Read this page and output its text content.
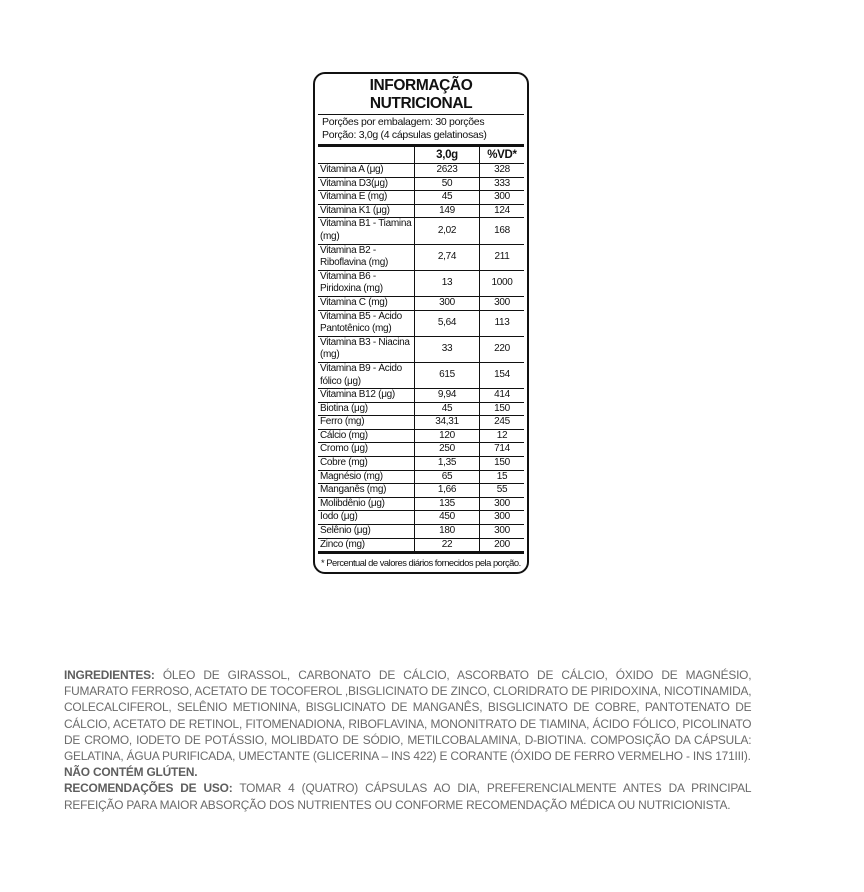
INFORMAÇÃO NUTRICIONAL
Porções por embalagem: 30 porções
Porção: 3,0g (4 cápsulas gelatinosas)
	3,0g	%VD*
Vitamina A (μg)	2623	328
Vitamina D3(μg)	50	333
Vitamina E (mg)	45	300
Vitamina K1 (μg)	149	124
Vitamina B1 - Tiamina (mg)	2,02	168
Vitamina B2 - Riboflavina (mg)	2,74	211
Vitamina B6 - Piridoxina (mg)	13	1000
Vitamina C (mg)	300	300
Vitamina B5 - Ácido Pantotênico (mg)	5,64	113
Vitamina B3 - Niacina (mg)	33	220
Vitamina B9 - Ácido fólico (μg)	615	154
Vitamina B12 (μg)	9,94	414
Biotina (μg)	45	150
Ferro (mg)	34,31	245
Cálcio (mg)	120	12
Cromo (μg)	250	714
Cobre (mg)	1,35	150
Magnésio (mg)	65	15
Manganês (mg)	1,66	55
Molibdênio (μg)	135	300
Iodo (μg)	450	300
Selênio (μg)	180	300
Zinco (mg)	22	200
* Percentual de valores diários fornecidos pela porção.

INGREDIENTES: ÓLEO DE GIRASSOL, CARBONATO DE CÁLCIO, ASCORBATO DE CÁLCIO, ÓXIDO DE MAGNÉSIO, FUMARATO FERROSO, ACETATO DE TOCOFEROL ,BISGLICINATO DE ZINCO, CLORIDRATO DE PIRIDOXINA, NICOTINAMIDA, COLECALCIFEROL, SELÊNIO METIONINA, BISGLICINATO DE MANGANÊS, BISGLICINATO DE COBRE, PANTOTENATO DE CÁLCIO, ACETATO DE RETINOL, FITOMENADIONA, RIBOFLAVINA, MONONITRATO DE TIAMINA, ÁCIDO FÓLICO, PICOLINATO DE CROMO, IODETO DE POTÁSSIO, MOLIBDATO DE SÓDIO, METILCOBALAMINA, D-BIOTINA. COMPOSIÇÃO DA CÁPSULA: GELATINA, ÁGUA PURIFICADA, UMECTANTE (GLICERINA – INS 422) E CORANTE (ÓXIDO DE FERRO VERMELHO - INS 171III).

NÃO CONTÉM GLÚTEN.

RECOMENDAÇÕES DE USO: TOMAR 4 (QUATRO) CÁPSULAS AO DIA, PREFERENCIALMENTE ANTES DA PRINCIPAL REFEIÇÃO PARA MAIOR ABSORÇÃO DOS NUTRIENTES OU CONFORME RECOMENDAÇÃO MÉDICA OU NUTRICIONISTA.
